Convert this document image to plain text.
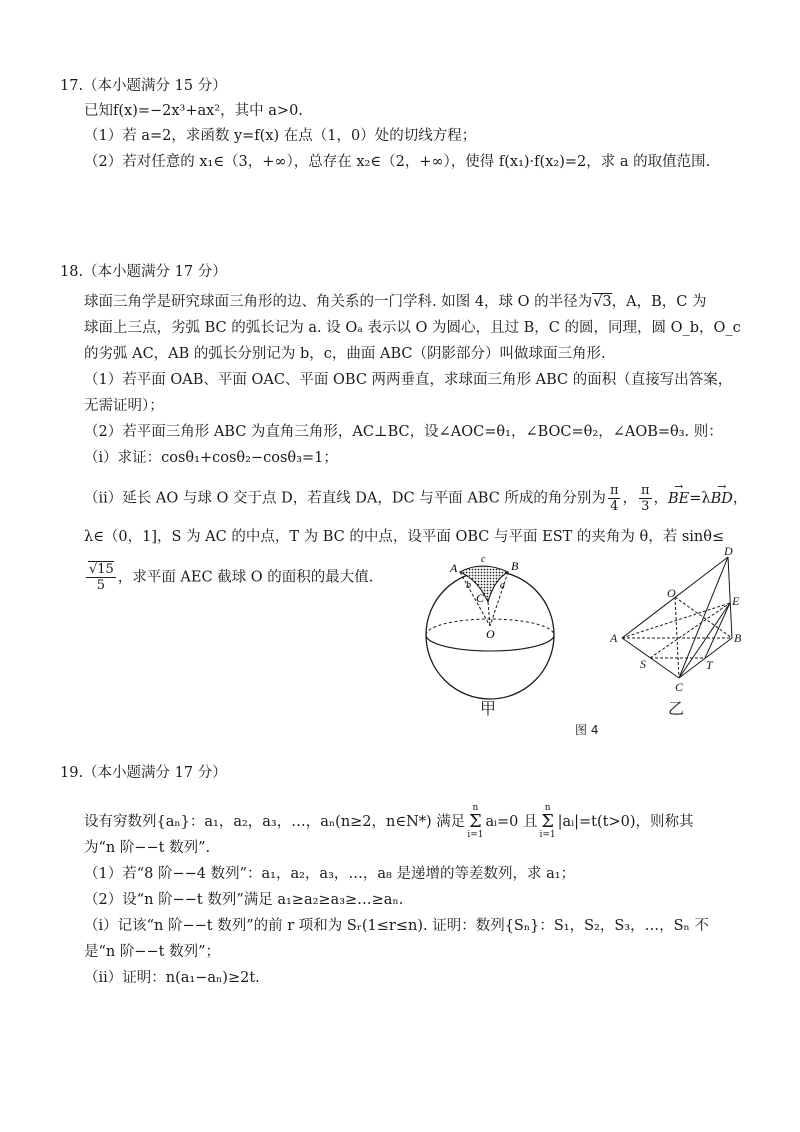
17.（本小题满分 15 分）
已知f(x)=−2x³+ax²，其中 a>0.
（1）若 a=2，求函数 y=f(x) 在点（1，0）处的切线方程；
（2）若对任意的 x₁∈（3，+∞），总存在 x₂∈（2，+∞），使得 f(x₁)·f(x₂)=2，求 a 的取值范围.
18.（本小题满分 17 分）
球面三角学是研究球面三角形的边、角关系的一门学科. 如图 4，球 O 的半径为√3，A，B，C 为
球面上三点，劣弧 BC 的弧长记为 a. 设 Oₐ 表示以 O 为圆心，且过 B，C 的圆，同理，圆 O_b，O_c
的劣弧 AC，AB 的弧长分别记为 b，c，曲面 ABC（阴影部分）叫做球面三角形.
（1）若平面 OAB、平面 OAC、平面 OBC 两两垂直，求球面三角形 ABC 的面积（直接写出答案，
无需证明）；
（2）若平面三角形 ABC 为直角三角形，AC⊥BC，设∠AOC=θ₁，∠BOC=θ₂，∠AOB=θ₃. 则：
（i）求证：cosθ₁+cosθ₂−cosθ₃=1；
（ii）延长 AO 与球 O 交于点 D，若直线 DA，DC 与平面 ABC 所成的角分别为 $\frac{\pi}{4}$ ， $\frac{\pi}{3}$ ，→ BE=λ→ BD，
λ∈（0，1]，S 为 AC 的中点，T 为 BC 的中点，设平面 OBC 与平面 EST 的夹角为 θ，若 sinθ≤
$\frac{√15}{5}$ ，求平面 AEC 截球 O 的面积的最大值.
A	B
c
b	a
C
O
甲
D
O
E
A	B
S	T
C
乙
图 4
19.（本小题满分 17 分）
设有穷数列{aₙ}：a₁，a₂，a₃，…，aₙ(n≥2，n∈N*) 满足n
Σ
i=1aᵢ=0 且n
Σ
i=1|aᵢ|=t(t>0)，则称其
为“n 阶−−t 数列”.
（1）若“8 阶−−4 数列”：a₁，a₂，a₃，…，a₈ 是递增的等差数列，求 a₁；
（2）设“n 阶−−t 数列”满足 a₁≥a₂≥a₃≥…≥aₙ.
（i）记该“n 阶−−t 数列”的前 r 项和为 Sᵣ(1≤r≤n). 证明：数列{Sₙ}：S₁，S₂，S₃，…，Sₙ 不
是“n 阶−−t 数列”；
（ii）证明：n(a₁−aₙ)≥2t.
